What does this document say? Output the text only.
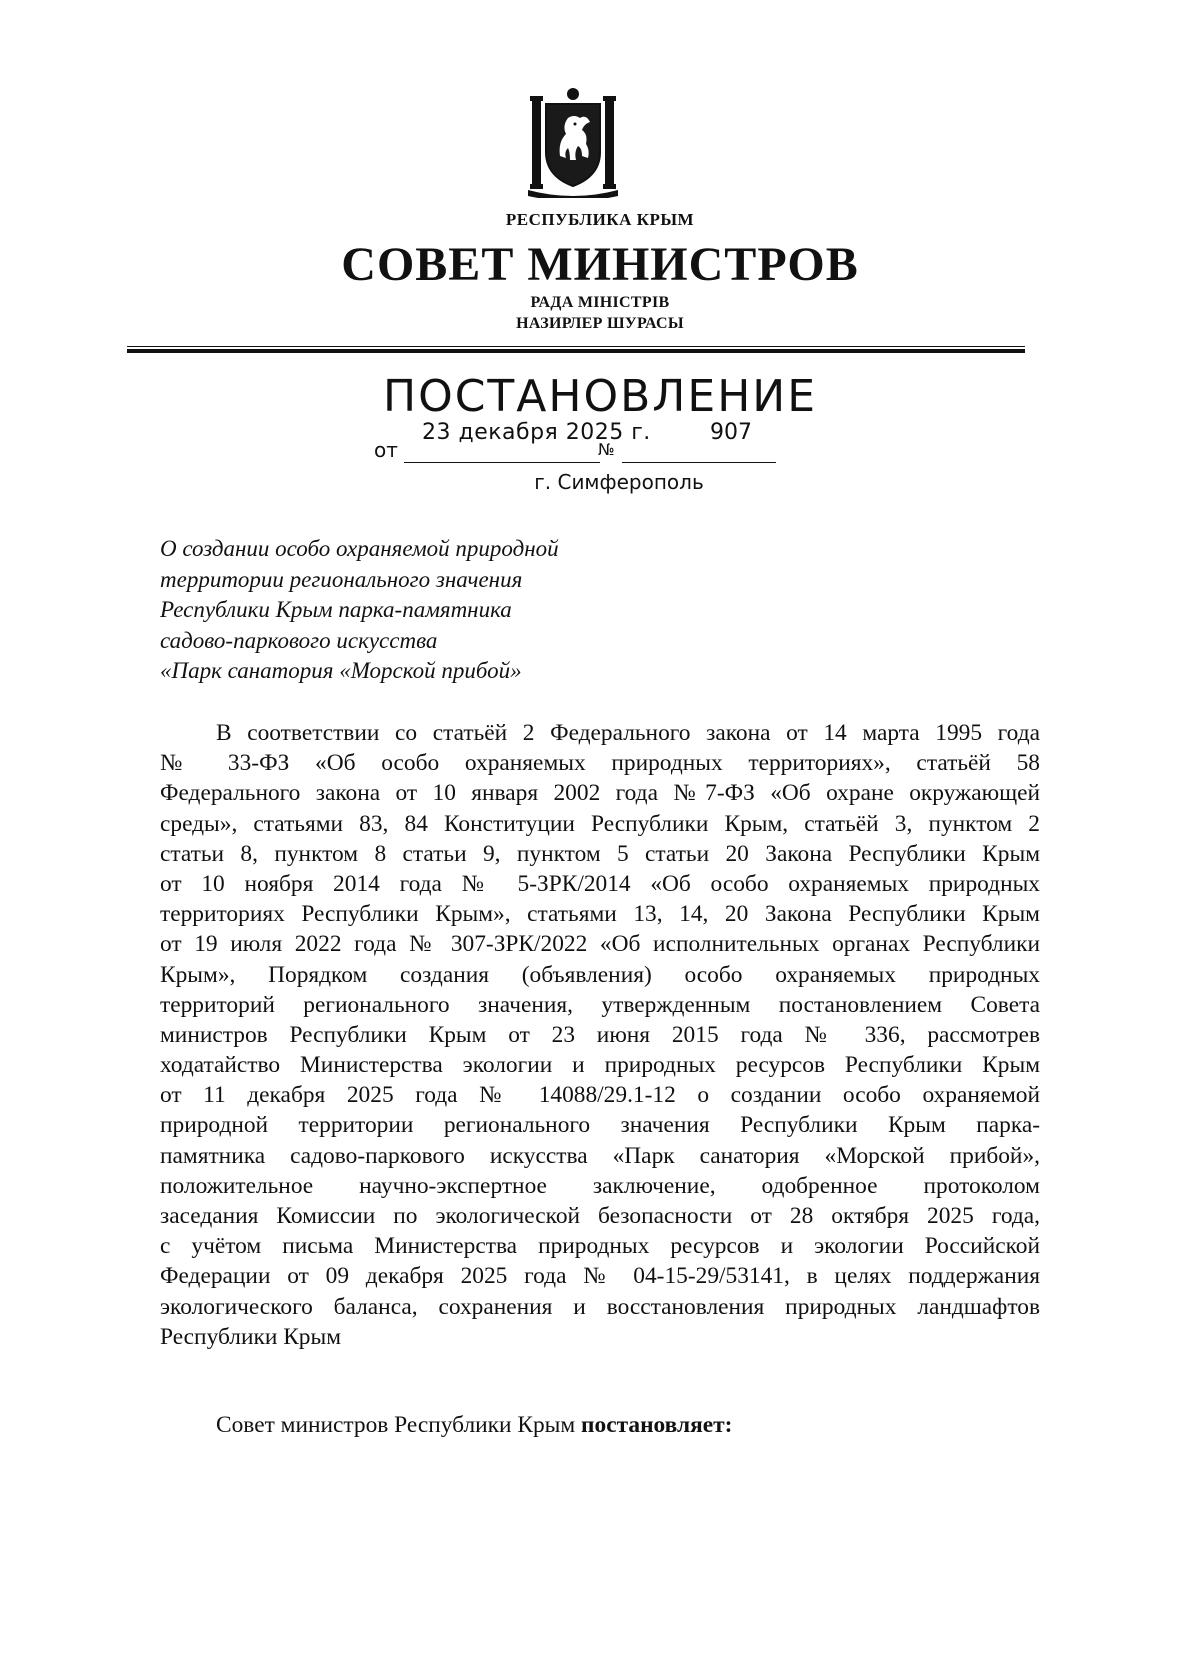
РЕСПУБЛИКА КРЫМ
СОВЕТ МИНИСТРОВ
РАДА МІНІСТРІВ
НАЗИРЛЕР ШУРАСЫ
ПОСТАНОВЛЕНИЕ
от
23 декабря 2025 г.
№
907
г. Симферополь
О создании особо охраняемой природной
территории регионального значения
Республики Крым парка-памятника
садово-паркового искусства
«Парк санатория «Морской прибой»
В соответствии со статьёй 2 Федерального закона от 14 марта 1995 года
№ 33-ФЗ «Об особо охраняемых природных территориях», статьёй 58
Федерального закона от 10 января 2002 года №7-ФЗ «Об охране окружающей
среды», статьями 83, 84 Конституции Республики Крым, статьёй 3, пунктом 2
статьи 8, пунктом 8 статьи 9, пунктом 5 статьи 20 Закона Республики Крым
от 10 ноября 2014 года № 5-ЗРК/2014 «Об особо охраняемых природных
территориях Республики Крым», статьями 13, 14, 20 Закона Республики Крым
от 19 июля 2022 года № 307-ЗРК/2022 «Об исполнительных органах Республики
Крым», Порядком создания (объявления) особо охраняемых природных
территорий регионального значения, утвержденным постановлением Совета
министров Республики Крым от 23 июня 2015 года № 336, рассмотрев
ходатайство Министерства экологии и природных ресурсов Республики Крым
от 11 декабря 2025 года № 14088/29.1-12 о создании особо охраняемой
природной территории регионального значения Республики Крым парка-
памятника садово-паркового искусства «Парк санатория «Морской прибой»,
положительное научно-экспертное заключение, одобренное протоколом
заседания Комиссии по экологической безопасности от 28 октября 2025 года,
с учётом письма Министерства природных ресурсов и экологии Российской
Федерации от 09 декабря 2025 года № 04-15-29/53141, в целях поддержания
экологического баланса, сохранения и восстановления природных ландшафтов
Республики Крым
Совет министров Республики Крым постановляет:
